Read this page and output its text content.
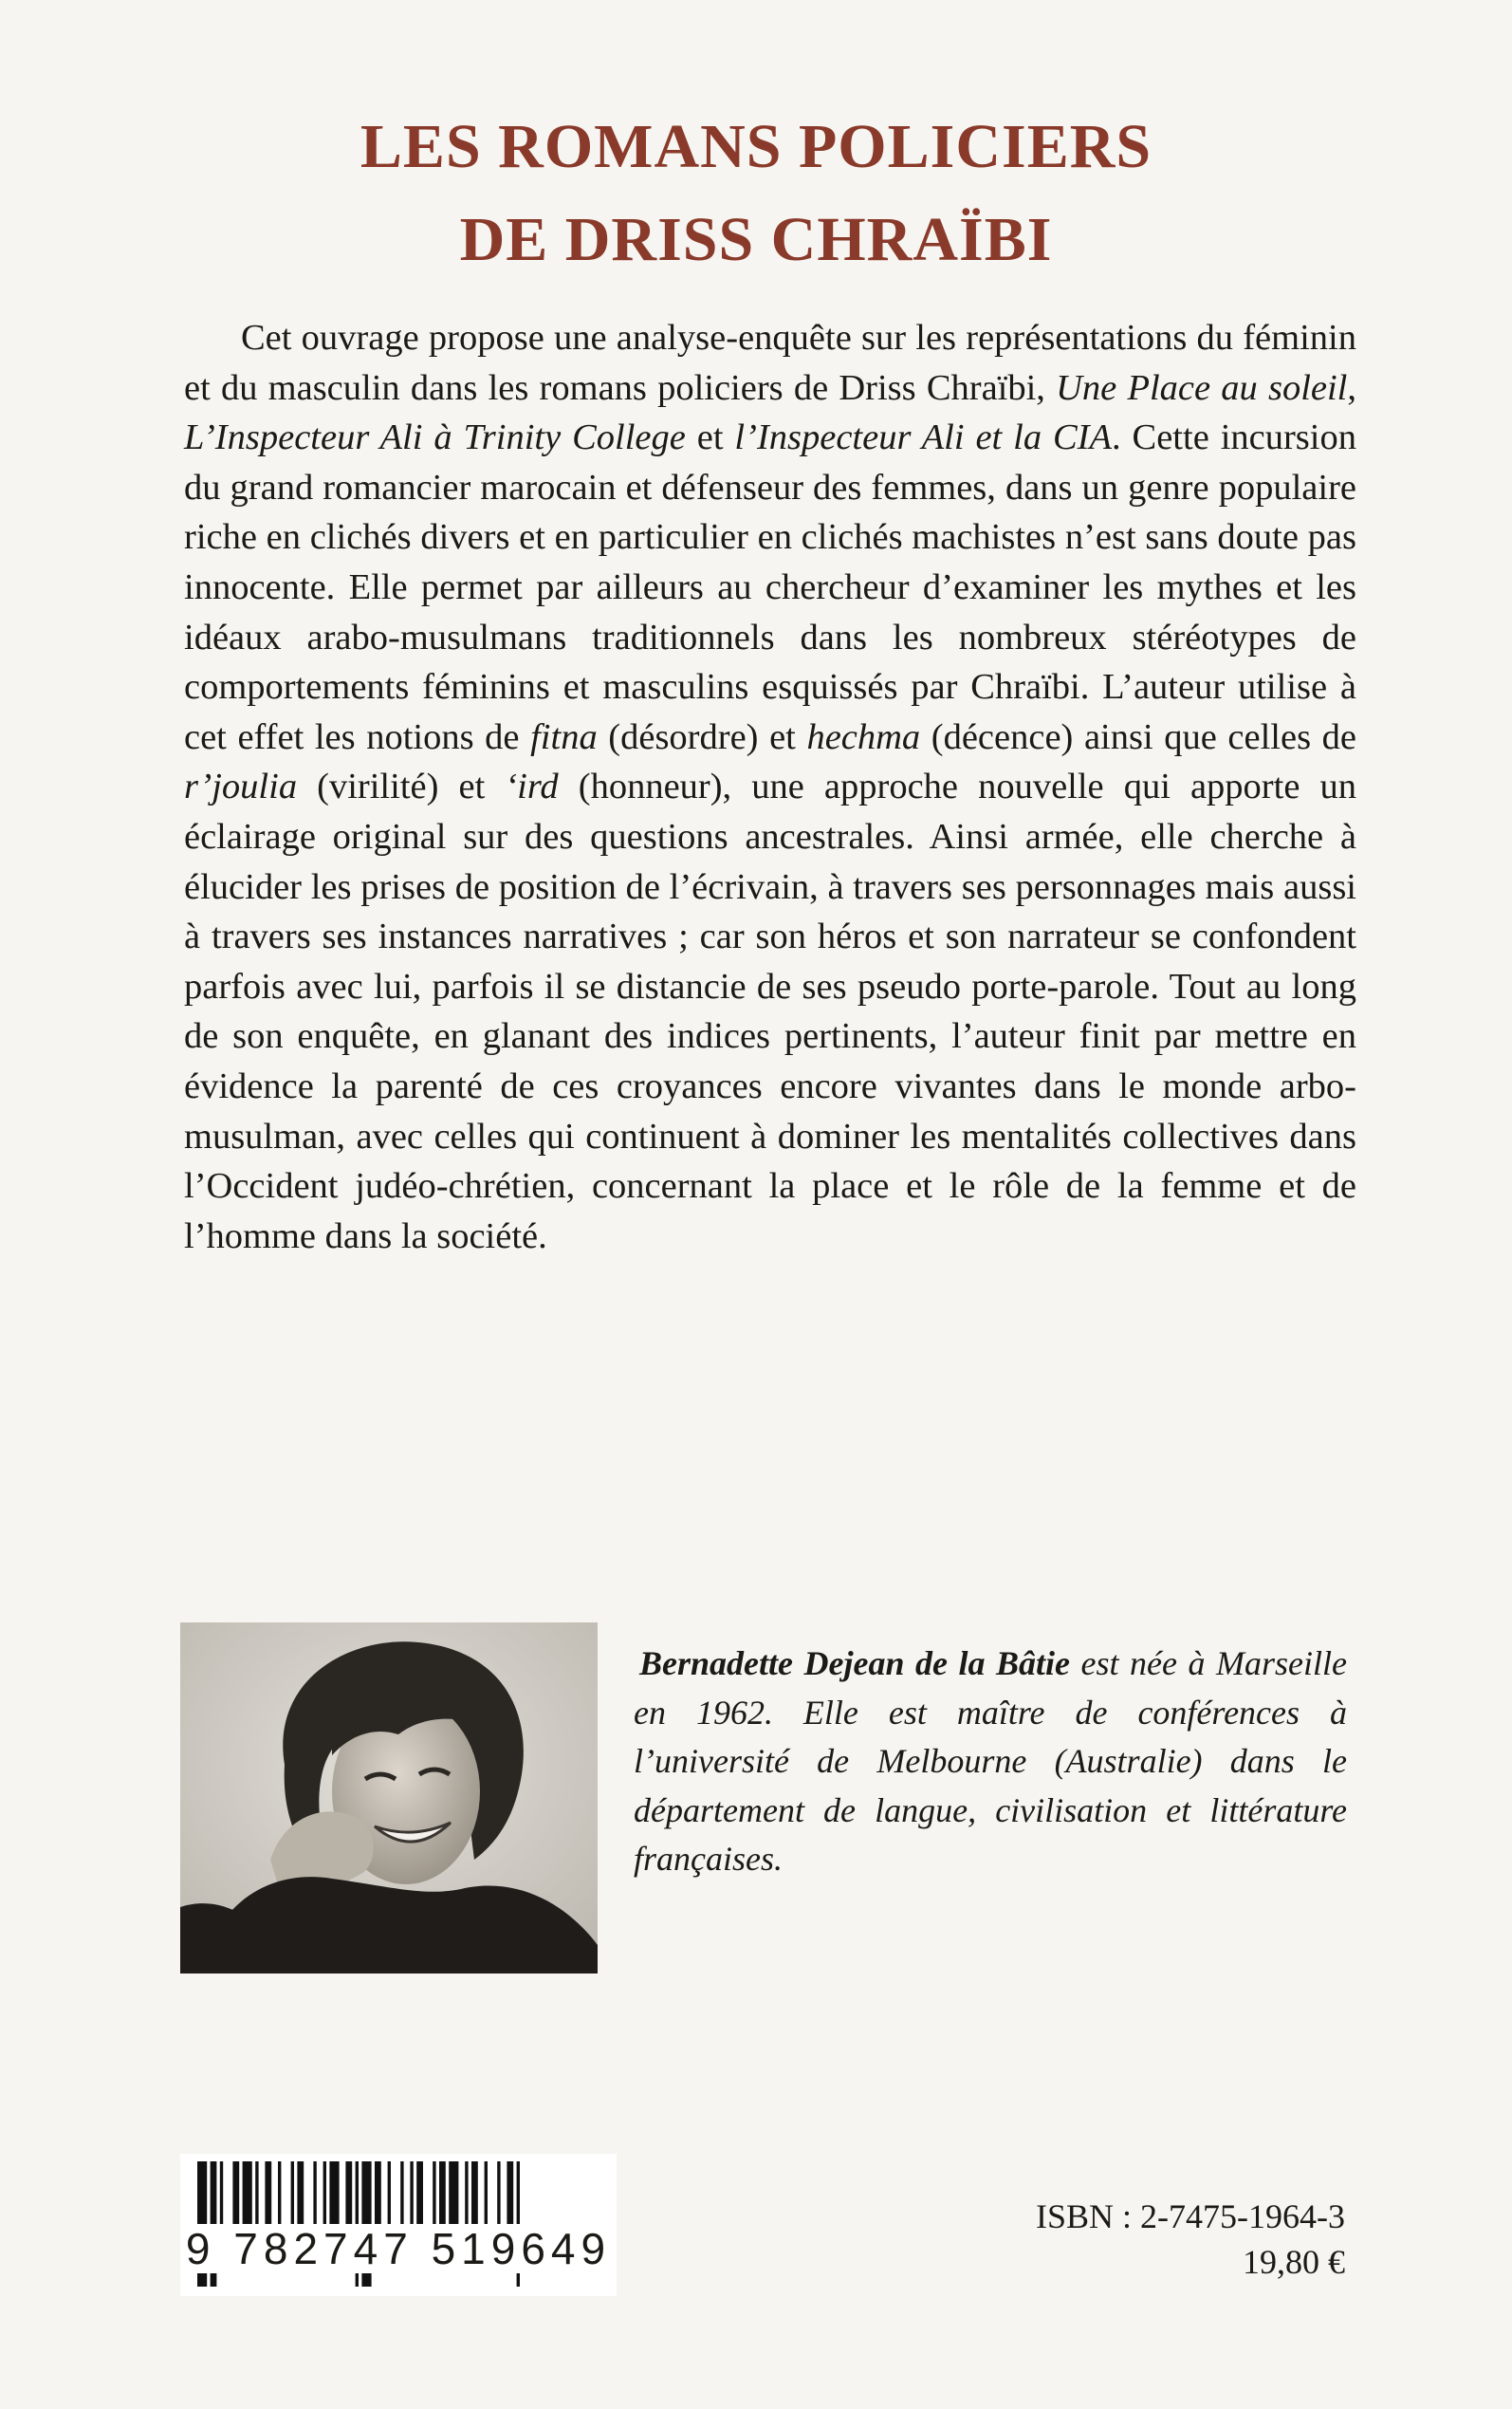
LES ROMANS POLICIERS
DE DRISS CHRAÏBI

Cet ouvrage propose une analyse-enquête sur les représentations du féminin et du masculin dans les romans policiers de Driss Chraïbi, Une Place au soleil, L’Inspecteur Ali à Trinity College et l’Inspecteur Ali et la CIA. Cette incursion du grand romancier marocain et défenseur des femmes, dans un genre populaire riche en clichés divers et en particulier en clichés machistes n’est sans doute pas innocente. Elle permet par ailleurs au chercheur d’examiner les mythes et les idéaux arabo-musulmans traditionnels dans les nombreux stéréotypes de comportements féminins et masculins esquissés par Chraïbi. L’auteur utilise à cet effet les notions de fitna (désordre) et hechma (décence) ainsi que celles de r’joulia (virilité) et ‘ird (honneur), une approche nouvelle qui apporte un éclairage original sur des questions ancestrales. Ainsi armée, elle cherche à élucider les prises de position de l’écrivain, à travers ses personnages mais aussi à travers ses instances narratives ; car son héros et son narrateur se confondent parfois avec lui, parfois il se distancie de ses pseudo porte-parole. Tout au long de son enquête, en glanant des indices pertinents, l’auteur finit par mettre en évidence la parenté de ces croyances encore vivantes dans le monde arbo-musulman, avec celles qui continuent à dominer les mentalités collectives dans l’Occident judéo-chrétien, concernant la place et le rôle de la femme et de l’homme dans la société.

Bernadette Dejean de la Bâtie est née à Marseille en 1962. Elle est maître de conférences à l’université de Melbourne (Australie) dans le département de langue, civilisation et littérature françaises.

9 782747 519649
ISBN : 2-7475-1964-3
19,80 €
